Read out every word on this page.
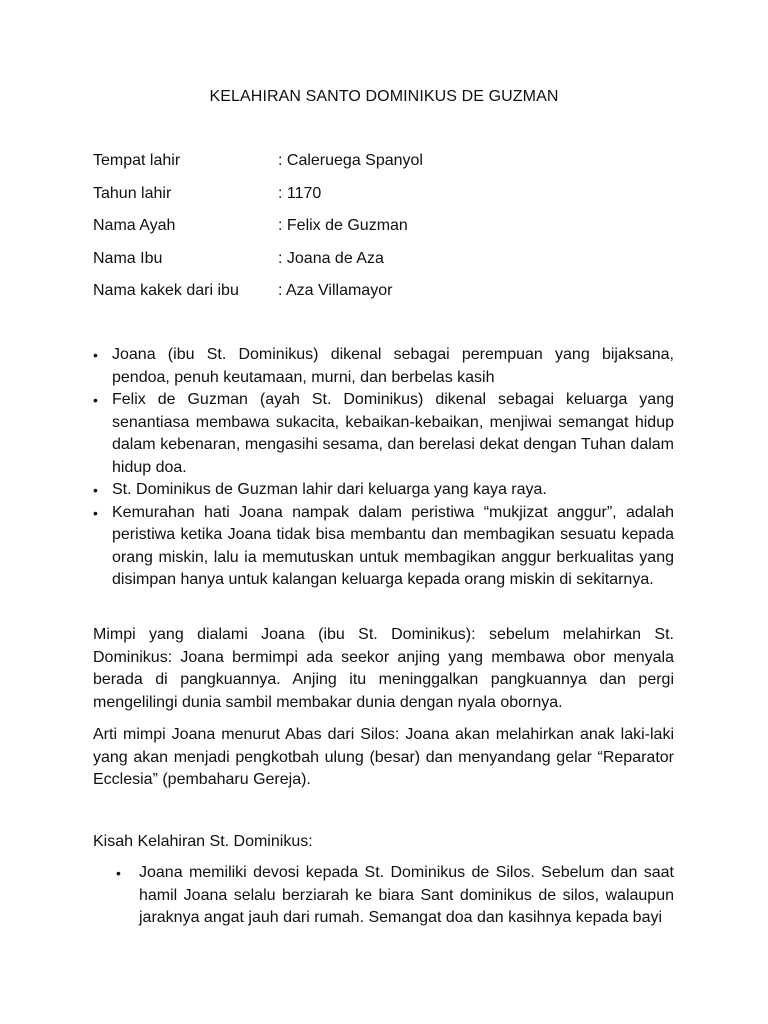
KELAHIRAN SANTO DOMINIKUS DE GUZMAN
Tempat lahir	: Caleruega Spanyol
Tahun lahir	: 1170
Nama Ayah	: Felix de Guzman
Nama Ibu	: Joana de Aza
Nama kakek dari ibu : Aza Villamayor
• Joana (ibu St. Dominikus) dikenal sebagai perempuan yang bijaksana, pendoa, penuh keutamaan, murni, dan berbelas kasih
• Felix de Guzman (ayah St. Dominikus) dikenal sebagai keluarga yang senantiasa membawa sukacita, kebaikan-kebaikan, menjiwai semangat hidup dalam kebenaran, mengasihi sesama, dan berelasi dekat dengan Tuhan dalam hidup doa.
• St. Dominikus de Guzman lahir dari keluarga yang kaya raya.
• Kemurahan hati Joana nampak dalam peristiwa “mukjizat anggur”, adalah peristiwa ketika Joana tidak bisa membantu dan membagikan sesuatu kepada orang miskin, lalu ia memutuskan untuk membagikan anggur berkualitas yang disimpan hanya untuk kalangan keluarga kepada orang miskin di sekitarnya.

Mimpi yang dialami Joana (ibu St. Dominikus): sebelum melahirkan St. Dominikus: Joana bermimpi ada seekor anjing yang membawa obor menyala berada di pangkuannya. Anjing itu meninggalkan pangkuannya dan pergi mengelilingi dunia sambil membakar dunia dengan nyala obornya.

Arti mimpi Joana menurut Abas dari Silos: Joana akan melahirkan anak laki-laki yang akan menjadi pengkotbah ulung (besar) dan menyandang gelar “Reparator Ecclesia” (pembaharu Gereja).

Kisah Kelahiran St. Dominikus:
• Joana memiliki devosi kepada St. Dominikus de Silos. Sebelum dan saat hamil Joana selalu berziarah ke biara Sant dominikus de silos, walaupun jaraknya angat jauh dari rumah. Semangat doa dan kasihnya kepada bayi
